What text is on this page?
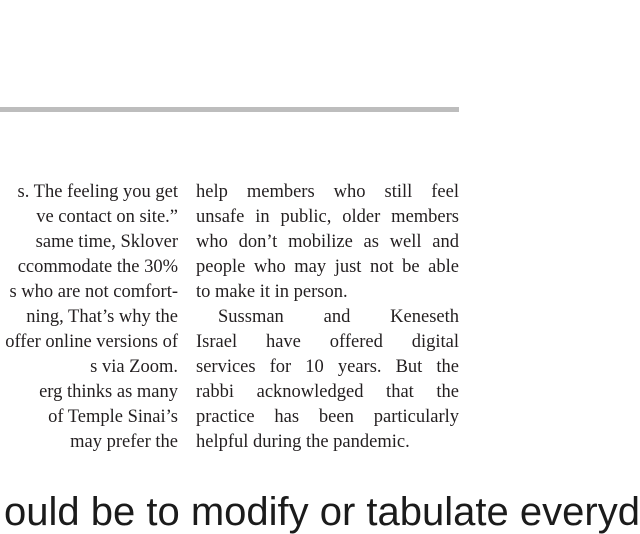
s. The feeling you get
ve contact on site.”
same time, Sklover
ccommodate the 30%
s who are not comfort-
ning, That’s why the
offer online versions of
s via Zoom.
erg thinks as many
of Temple Sinai’s
may prefer the
help members who still feel
unsafe in public, older members
who don’t mobilize as well and
people who may just not be able
to make it in person.
Sussman and Keneseth
Israel have offered digital
services for 10 years. But the
rabbi acknowledged that the
practice has been particularly
helpful during the pandemic.
ould be to modify or tabulate everyd
